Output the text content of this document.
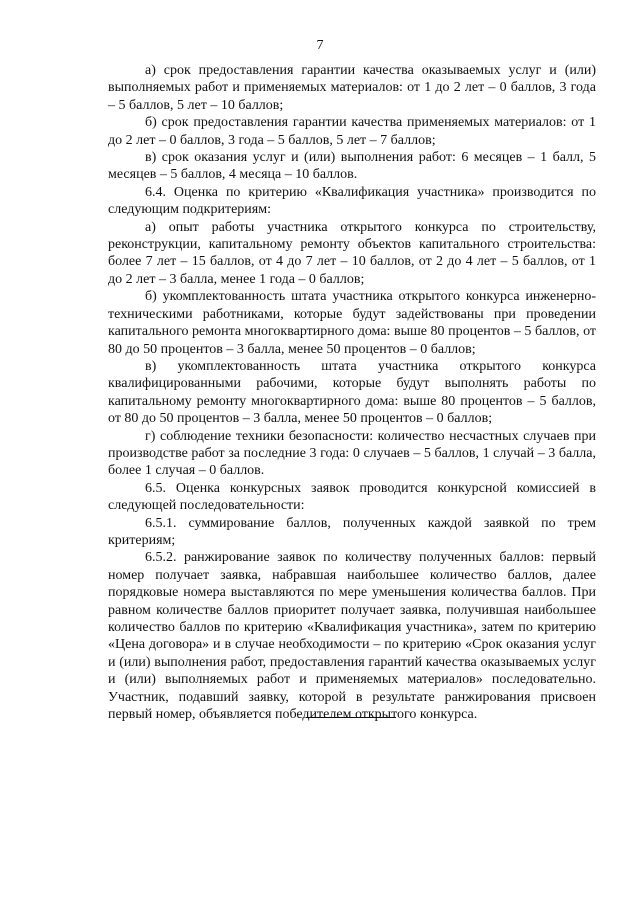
7

а) срок предоставления гарантии качества оказываемых услуг и (или) выполняемых работ и применяемых материалов: от 1 до 2 лет – 0 баллов, 3 года – 5 баллов, 5 лет – 10 баллов;

б) срок предоставления гарантии качества применяемых материалов: от 1 до 2 лет – 0 баллов, 3 года – 5 баллов, 5 лет – 7 баллов;

в) срок оказания услуг и (или) выполнения работ: 6 месяцев – 1 балл, 5 месяцев – 5 баллов, 4 месяца – 10 баллов.

6.4. Оценка по критерию «Квалификация участника» производится по следующим подкритериям:

а) опыт работы участника открытого конкурса по строительству, реконструкции, капитальному ремонту объектов капитального строительства: более 7 лет – 15 баллов, от 4 до 7 лет – 10 баллов, от 2 до 4 лет – 5 баллов, от 1 до 2 лет – 3 балла, менее 1 года – 0 баллов;

б) укомплектованность штата участника открытого конкурса инженерно-техническими работниками, которые будут задействованы при проведении капитального ремонта многоквартирного дома: выше 80 процентов – 5 баллов, от 80 до 50 процентов – 3 балла, менее 50 процентов – 0 баллов;

в) укомплектованность штата участника открытого конкурса квалифицированными рабочими, которые будут выполнять работы по капитальному ремонту многоквартирного дома: выше 80 процентов – 5 баллов, от 80 до 50 процентов – 3 балла, менее 50 процентов – 0 баллов;

г) соблюдение техники безопасности: количество несчастных случаев при производстве работ за последние 3 года: 0 случаев – 5 баллов, 1 случай – 3 балла, более 1 случая – 0 баллов.

6.5. Оценка конкурсных заявок проводится конкурсной комиссией в следующей последовательности:

6.5.1. суммирование баллов, полученных каждой заявкой по трем критериям;

6.5.2. ранжирование заявок по количеству полученных баллов: первый номер получает заявка, набравшая наибольшее количество баллов, далее порядковые номера выставляются по мере уменьшения количества баллов. При равном количестве баллов приоритет получает заявка, получившая наибольшее количество баллов по критерию «Квалификация участника», затем по критерию «Цена договора» и в случае необходимости – по критерию «Срок оказания услуг и (или) выполнения работ, предоставления гарантий качества оказываемых услуг и (или) выполняемых работ и применяемых материалов» последовательно. Участник, подавший заявку, которой в результате ранжирования присвоен первый номер, объявляется победителем открытого конкурса.
